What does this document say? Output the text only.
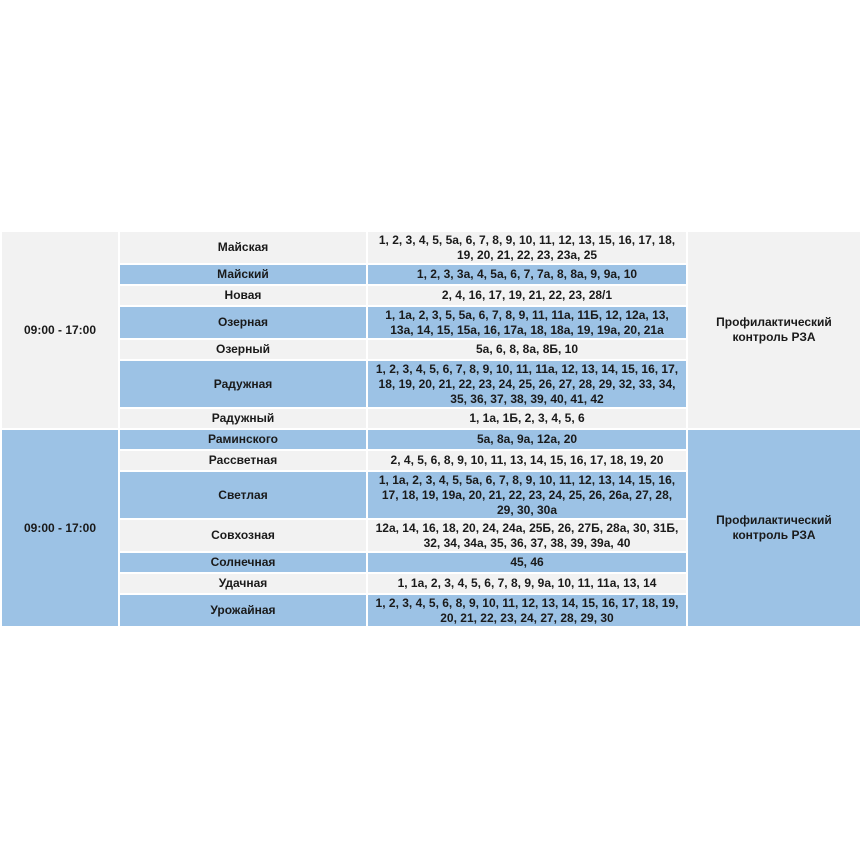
09:00 - 17:00	Майская	1, 2, 3, 4, 5, 5а, 6, 7, 8, 9, 10, 11, 12, 13, 15, 16, 17, 18, 19, 20, 21, 22, 23, 23а, 25	Профилактический контроль РЗА
	Майский	1, 2, 3, 3а, 4, 5а, 6, 7, 7а, 8, 8а, 9, 9а, 10	
	Новая	2, 4, 16, 17, 19, 21, 22, 23, 28/1	
	Озерная	1, 1а, 2, 3, 5, 5а, 6, 7, 8, 9, 11, 11а, 11Б, 12, 12а, 13, 13а, 14, 15, 15а, 16, 17а, 18, 18а, 19, 19а, 20, 21а	
	Озерный	5а, 6, 8, 8а, 8Б, 10	
	Радужная	1, 2, 3, 4, 5, 6, 7, 8, 9, 10, 11, 11а, 12, 13, 14, 15, 16, 17, 18, 19, 20, 21, 22, 23, 24, 25, 26, 27, 28, 29, 32, 33, 34, 35, 36, 37, 38, 39, 40, 41, 42	
	Радужный	1, 1а, 1Б, 2, 3, 4, 5, 6	
09:00 - 17:00	Раминского	5а, 8а, 9а, 12а, 20	Профилактический контроль РЗА
	Рассветная	2, 4, 5, 6, 8, 9, 10, 11, 13, 14, 15, 16, 17, 18, 19, 20	
	Светлая	1, 1а, 2, 3, 4, 5, 5а, 6, 7, 8, 9, 10, 11, 12, 13, 14, 15, 16, 17, 18, 19, 19а, 20, 21, 22, 23, 24, 25, 26, 26а, 27, 28, 29, 30, 30а	
	Совхозная	12а, 14, 16, 18, 20, 24, 24а, 25Б, 26, 27Б, 28а, 30, 31Б, 32, 34, 34а, 35, 36, 37, 38, 39, 39а, 40	
	Солнечная	45, 46	
	Удачная	1, 1а, 2, 3, 4, 5, 6, 7, 8, 9, 9а, 10, 11, 11а, 13, 14	
	Урожайная	1, 2, 3, 4, 5, 6, 8, 9, 10, 11, 12, 13, 14, 15, 16, 17, 18, 19, 20, 21, 22, 23, 24, 27, 28, 29, 30	
